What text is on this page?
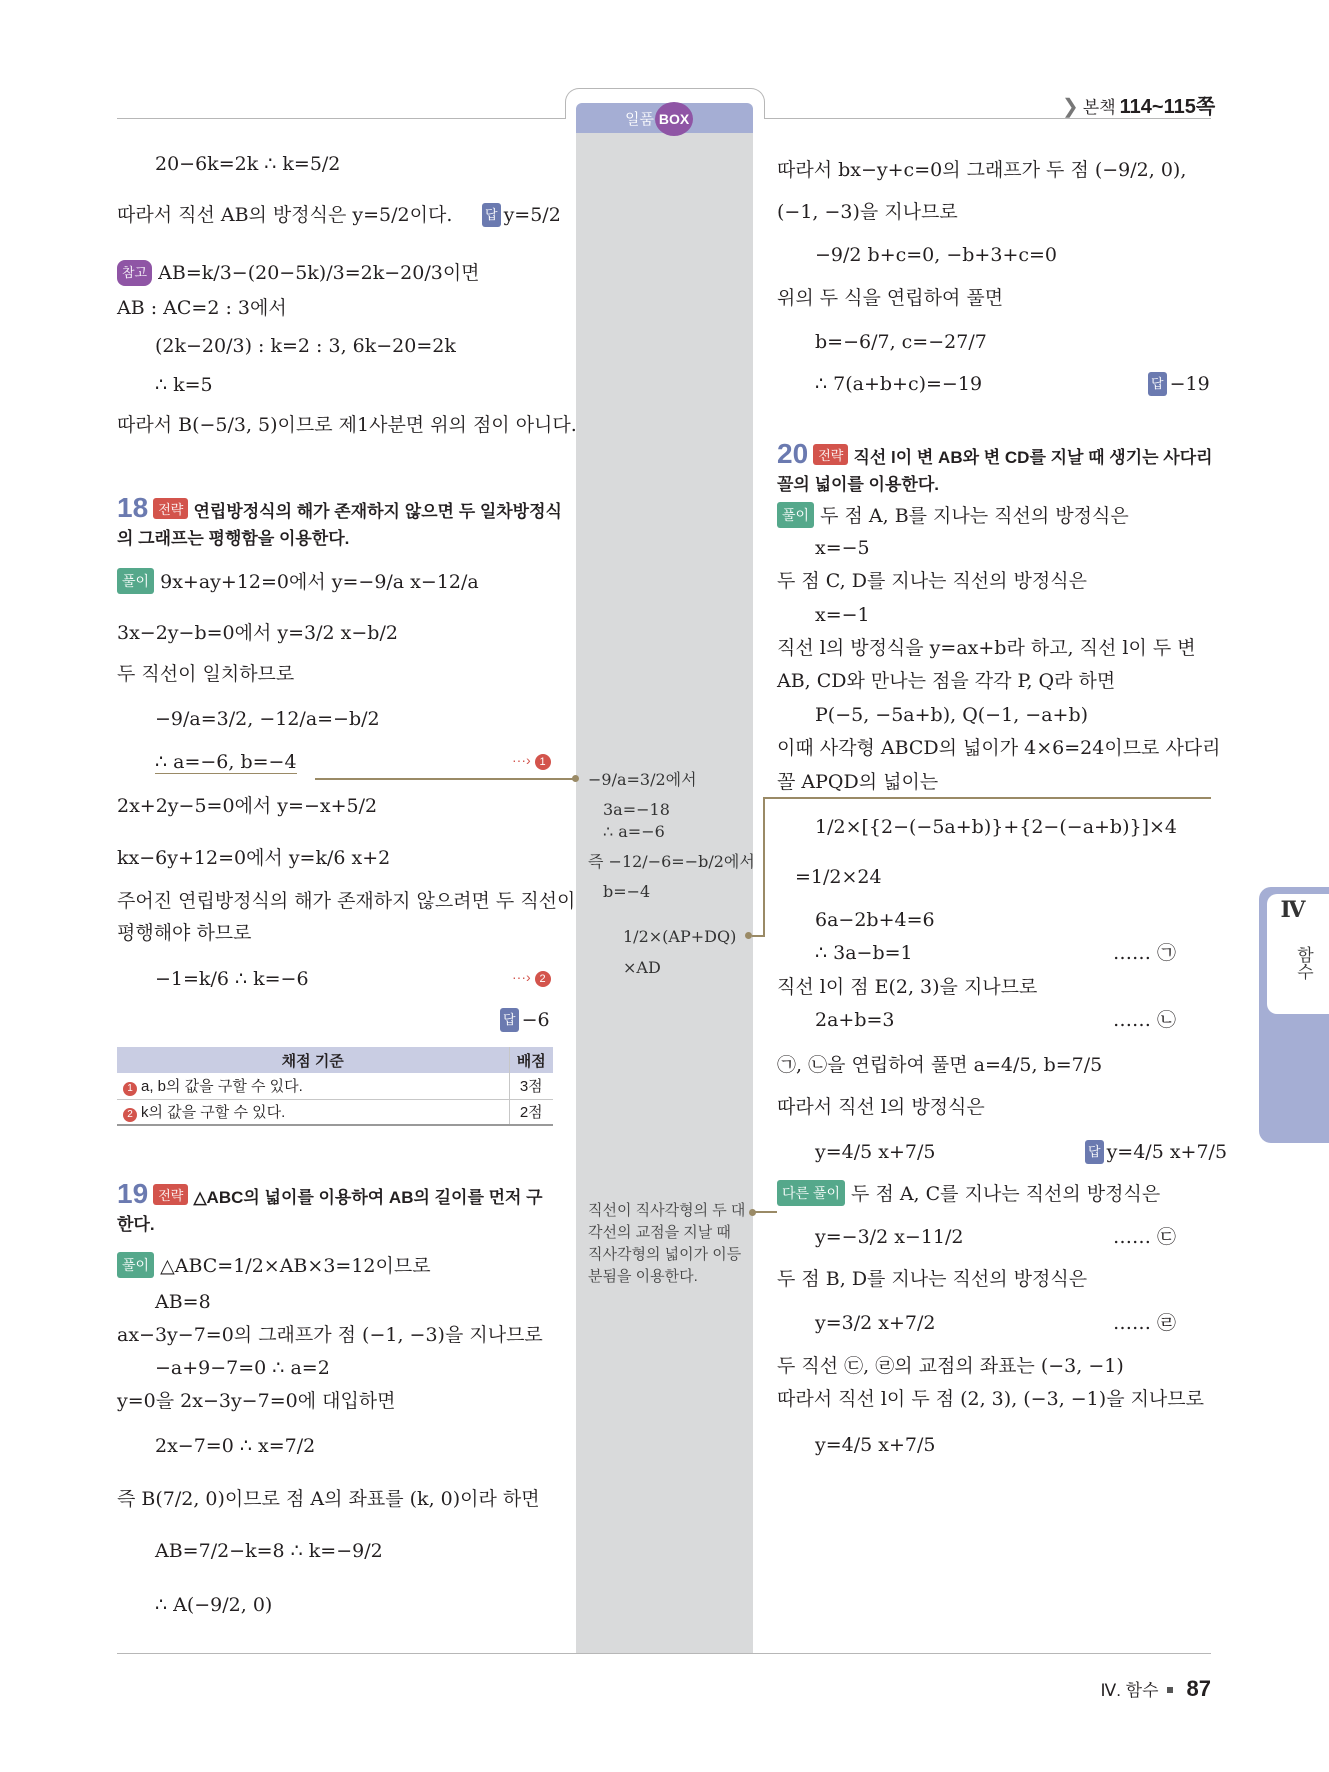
일품 BOX
❯ 본책 114~115쪽
Ⅳ
함수
20−6k=2k ∴ k=5/2
따라서 직선 AB의 방정식은 y=5/2이다.	답 y=5/2
참고 AB=k/3−(20−5k)/3=2k−20/3이면
AB : AC=2 : 3에서
(2k−20/3) : k=2 : 3, 6k−20=2k
∴ k=5
따라서 B(−5/3, 5)이므로 제1사분면 위의 점이 아니다.
18 전략 연립방정식의 해가 존재하지 않으면 두 일차방정식
의 그래프는 평행함을 이용한다.
풀이 9x+ay+12=0에서 y=−9/a x−12/a
3x−2y−b=0에서 y=3/2 x−b/2
두 직선이 일치하므로
−9/a=3/2, −12/a=−b/2
∴ a=−6, b=−4	···› 1
2x+2y−5=0에서 y=−x+5/2
kx−6y+12=0에서 y=k/6 x+2
주어진 연립방정식의 해가 존재하지 않으려면 두 직선이
평행해야 하므로
−1=k/6 ∴ k=−6	···› 2
답 −6
채점 기준	배점
1 a, b의 값을 구할 수 있다.	3점
2 k의 값을 구할 수 있다.	2점
19 전략 △ABC의 넓이를 이용하여 AB의 길이를 먼저 구
한다.
풀이 △ABC=1/2×AB×3=12이므로
AB=8
ax−3y−7=0의 그래프가 점 (−1, −3)을 지나므로
−a+9−7=0 ∴ a=2
y=0을 2x−3y−7=0에 대입하면
2x−7=0 ∴ x=7/2
즉 B(7/2, 0)이므로 점 A의 좌표를 (k, 0)이라 하면
AB=7/2−k=8 ∴ k=−9/2
∴ A(−9/2, 0)
−9/a=3/2에서
3a=−18
∴ a=−6
즉 −12/−6=−b/2에서
b=−4
1/2×(AP+DQ)
×AD
직선이 직사각형의 두 대
각선의 교점을 지날 때
직사각형의 넓이가 이등
분됨을 이용한다.
따라서 bx−y+c=0의 그래프가 두 점 (−9/2, 0),
(−1, −3)을 지나므로
−9/2 b+c=0, −b+3+c=0
위의 두 식을 연립하여 풀면
b=−6/7, c=−27/7
∴ 7(a+b+c)=−19	답 −19
20 전략 직선 l이 변 AB와 변 CD를 지날 때 생기는 사다리
꼴의 넓이를 이용한다.
풀이 두 점 A, B를 지나는 직선의 방정식은
x=−5
두 점 C, D를 지나는 직선의 방정식은
x=−1
직선 l의 방정식을 y=ax+b라 하고, 직선 l이 두 변
AB, CD와 만나는 점을 각각 P, Q라 하면
P(−5, −5a+b), Q(−1, −a+b)
이때 사각형 ABCD의 넓이가 4×6=24이므로 사다리
꼴 APQD의 넓이는
1/2×[{2−(−5a+b)}+{2−(−a+b)}]×4
=1/2×24
6a−2b+4=6
∴ 3a−b=1	…… ㉠
직선 l이 점 E(2, 3)을 지나므로
2a+b=3	…… ㉡
㉠, ㉡을 연립하여 풀면 a=4/5, b=7/5
따라서 직선 l의 방정식은
y=4/5 x+7/5	답 y=4/5 x+7/5
다른 풀이 두 점 A, C를 지나는 직선의 방정식은
y=−3/2 x−11/2	…… ㉢
두 점 B, D를 지나는 직선의 방정식은
y=3/2 x+7/2	…… ㉣
두 직선 ㉢, ㉣의 교점의 좌표는 (−3, −1)
따라서 직선 l이 두 점 (2, 3), (−3, −1)을 지나므로
y=4/5 x+7/5
Ⅳ. 함수 87
